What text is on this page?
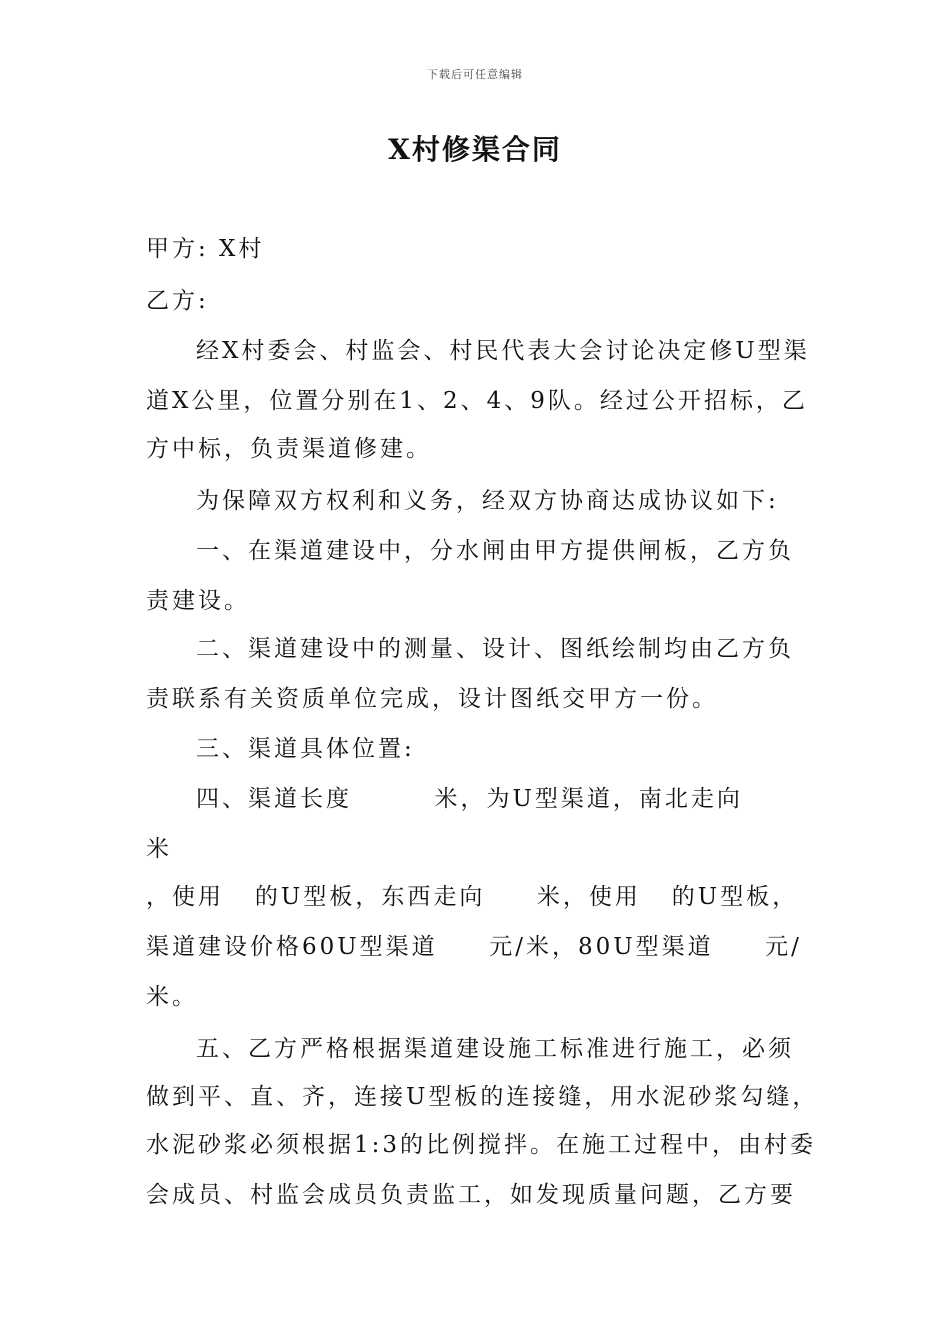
下载后可任意编辑
X村修渠合同
甲方: X村
乙方:
经X村委会、村监会、村民代表大会讨论决定修U型渠
道X公里，位置分别在1、2、4、9队。经过公开招标，乙
方中标，负责渠道修建。
为保障双方权利和义务，经双方协商达成协议如下:
一、在渠道建设中，分水闸由甲方提供闸板，乙方负
责建设。
二、渠道建设中的测量、设计、图纸绘制均由乙方负
责联系有关资质单位完成，设计图纸交甲方一份。
三、渠道具体位置:
四、渠道长度        米，为U型渠道，南北走向
米
，使用   的U型板，东西走向     米，使用   的U型板，
渠道建设价格60U型渠道     元/米，80U型渠道     元/
米。
五、乙方严格根据渠道建设施工标准进行施工，必须
做到平、直、齐，连接U型板的连接缝，用水泥砂浆勾缝，
水泥砂浆必须根据1:3的比例搅拌。在施工过程中，由村委
会成员、村监会成员负责监工，如发现质量问题，乙方要
